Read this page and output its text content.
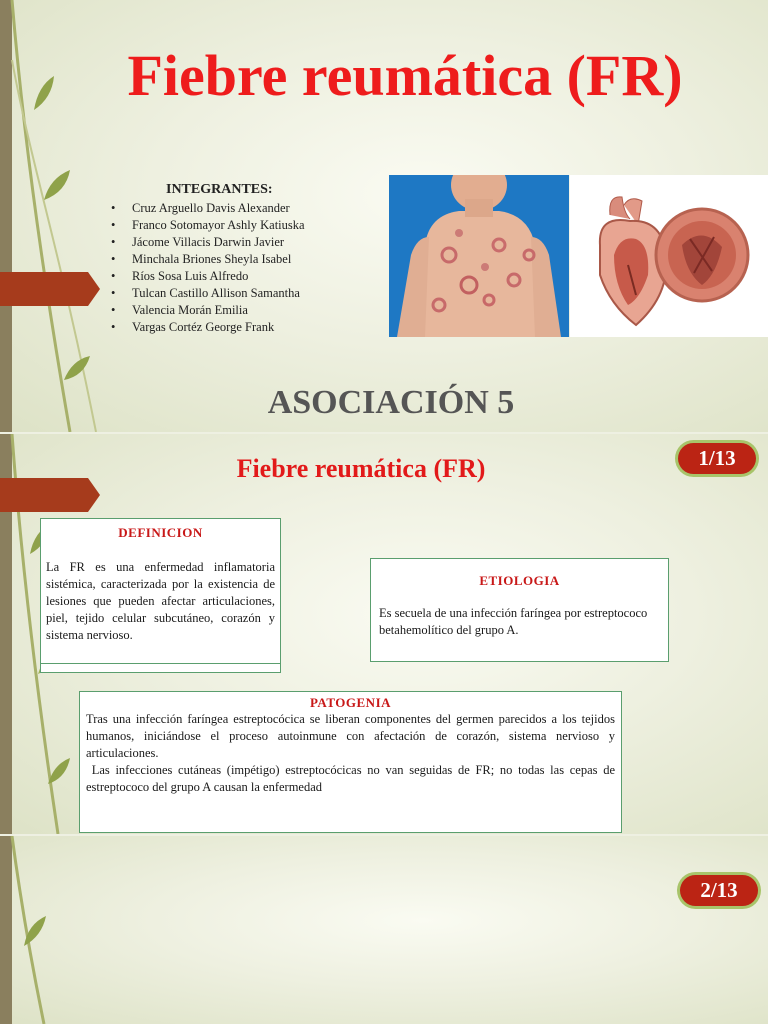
Fiebre reumática (FR)
INTEGRANTES:
• Cruz Arguello Davis Alexander
• Franco Sotomayor Ashly Katiuska
• Jácome Villacis Darwin Javier
• Minchala Briones Sheyla Isabel
• Ríos Sosa Luis Alfredo
• Tulcan Castillo Allison Samantha
• Valencia Morán Emilia
• Vargas Cortéz George Frank
ASOCIACIÓN 5
Fiebre reumática (FR)	1/13
DEFINICION

La FR es una enfermedad inflamatoria sistémica, caracterizada por la existencia de lesiones que pueden afectar articulaciones, piel, tejido celular subcutáneo, corazón y sistema nervioso.

ETIOLOGIA

Es secuela de una infección faríngea por estreptococo betahemolítico del grupo A.

PATOGENIA

Tras una infección faríngea estreptocócica se liberan componentes del germen parecidos a los tejidos humanos, iniciándose el proceso autoinmune con afectación de corazón, sistema nervioso y articulaciones.

Las infecciones cutáneas (impétigo) estreptocócicas no van seguidas de FR; no todas las cepas de estreptococo del grupo A causan la enfermedad

2/13
